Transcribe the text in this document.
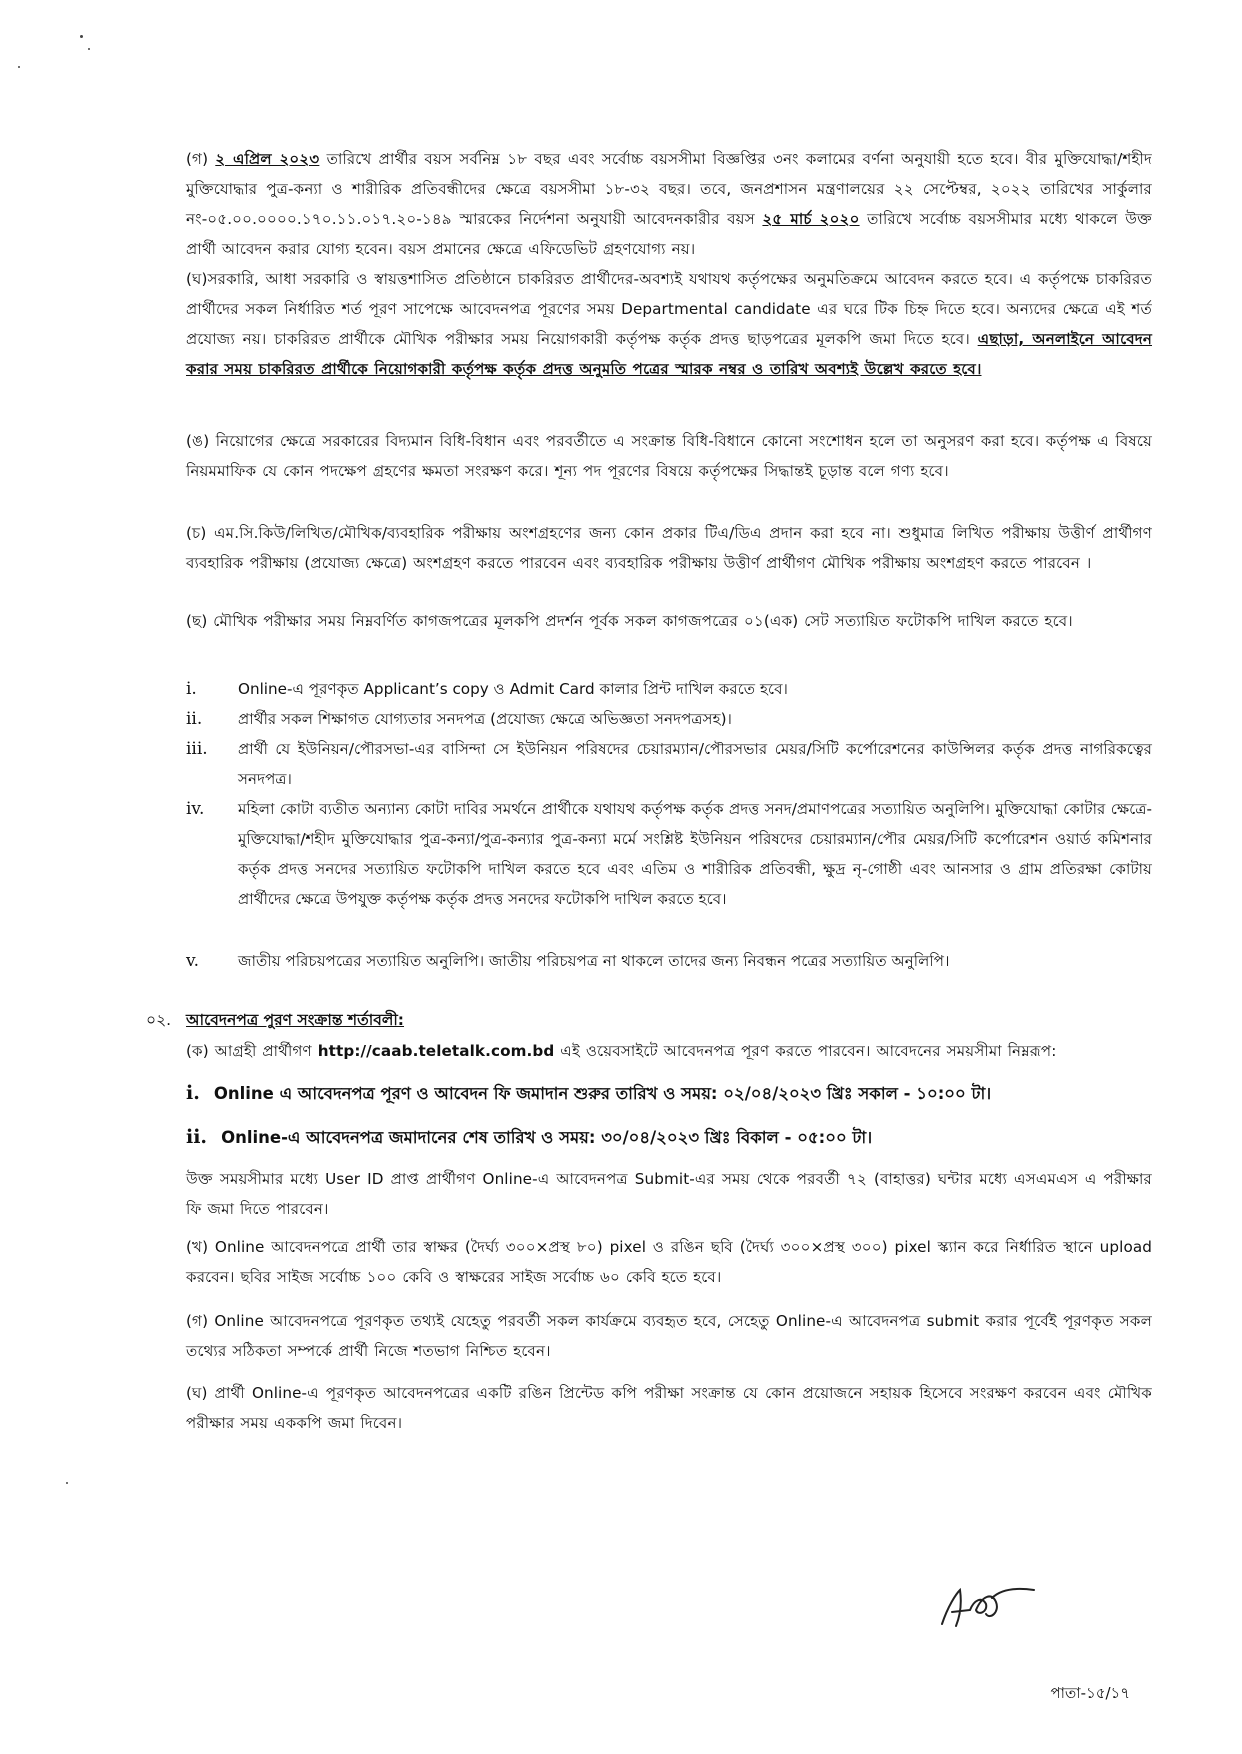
(গ) ২ এপ্রিল ২০২৩ তারিখে প্রার্থীর বয়স সর্বনিম্ন ১৮ বছর এবং সর্বোচ্চ বয়সসীমা বিজ্ঞপ্তির ৩নং কলামের বর্ণনা অনুযায়ী হতে হবে। বীর মুক্তিযোদ্ধা/শহীদ মুক্তিযোদ্ধার পুত্র-কন্যা ও শারীরিক প্রতিবন্ধীদের ক্ষেত্রে বয়সসীমা ১৮-৩২ বছর। তবে, জনপ্রশাসন মন্ত্রণালয়ের ২২ সেপ্টেম্বর, ২০২২ তারিখের সার্কুলার নং-০৫.০০.০০০০.১৭০.১১.০১৭.২০-১৪৯ স্মারকের নির্দেশনা অনুযায়ী আবেদনকারীর বয়স ২৫ মার্চ ২০২০ তারিখে সর্বোচ্চ বয়সসীমার মধ্যে থাকলে উক্ত প্রার্থী আবেদন করার যোগ্য হবেন। বয়স প্রমানের ক্ষেত্রে এফিডেভিট গ্রহণযোগ্য নয়।
(ঘ)সরকারি, আধা সরকারি ও স্বায়ত্তশাসিত প্রতিষ্ঠানে চাকরিরত প্রার্থীদের-অবশ্যই যথাযথ কর্তৃপক্ষের অনুমতিক্রমে আবেদন করতে হবে। এ কর্তৃপক্ষে চাকরিরত প্রার্থীদের সকল নির্ধারিত শর্ত পূরণ সাপেক্ষে আবেদনপত্র পূরণের সময় Departmental candidate এর ঘরে টিক চিহ্ন দিতে হবে। অন্যদের ক্ষেত্রে এই শর্ত প্রযোজ্য নয়। চাকরিরত প্রার্থীকে মৌখিক পরীক্ষার সময় নিয়োগকারী কর্তৃপক্ষ কর্তৃক প্রদত্ত ছাড়পত্রের মূলকপি জমা দিতে হবে। এছাড়া, অনলাইনে আবেদন করার সময় চাকরিরত প্রার্থীকে নিয়োগকারী কর্তৃপক্ষ কর্তৃক প্রদত্ত অনুমতি পত্রের স্মারক নম্বর ও তারিখ অবশ্যই উল্লেখ করতে হবে।
(ঙ) নিয়োগের ক্ষেত্রে সরকারের বিদ্যমান বিধি-বিধান এবং পরবর্তীতে এ সংক্রান্ত বিধি-বিধানে কোনো সংশোধন হলে তা অনুসরণ করা হবে। কর্তৃপক্ষ এ বিষয়ে নিয়মমাফিক যে কোন পদক্ষেপ গ্রহণের ক্ষমতা সংরক্ষণ করে। শূন্য পদ পূরণের বিষয়ে কর্তৃপক্ষের সিদ্ধান্তই চূড়ান্ত বলে গণ্য হবে।
(চ) এম.সি.কিউ/লিখিত/মৌখিক/ব্যবহারিক পরীক্ষায় অংশগ্রহণের জন্য কোন প্রকার টিএ/ডিএ প্রদান করা হবে না। শুধুমাত্র লিখিত পরীক্ষায় উত্তীর্ণ প্রার্থীগণ ব্যবহারিক পরীক্ষায় (প্রযোজ্য ক্ষেত্রে) অংশগ্রহণ করতে পারবেন এবং ব্যবহারিক পরীক্ষায় উত্তীর্ণ প্রার্থীগণ মৌখিক পরীক্ষায় অংশগ্রহণ করতে পারবেন ।
(ছ) মৌখিক পরীক্ষার সময় নিম্নবর্ণিত কাগজপত্রের মূলকপি প্রদর্শন পূর্বক সকল কাগজপত্রের ০১(এক) সেট সত্যায়িত ফটোকপি দাখিল করতে হবে।
i.	Online-এ পূরণকৃত Applicant’s copy ও Admit Card কালার প্রিন্ট দাখিল করতে হবে।
ii.	প্রার্থীর সকল শিক্ষাগত যোগ্যতার সনদপত্র (প্রযোজ্য ক্ষেত্রে অভিজ্ঞতা সনদপত্রসহ)।
iii.	প্রার্থী যে ইউনিয়ন/পৌরসভা-এর বাসিন্দা সে ইউনিয়ন পরিষদের চেয়ারম্যান/পৌরসভার মেয়র/সিটি কর্পোরেশনের কাউন্সিলর কর্তৃক প্রদত্ত নাগরিকত্বের সনদপত্র।
iv.	মহিলা কোটা ব্যতীত অন্যান্য কোটা দাবির সমর্থনে প্রার্থীকে যথাযথ কর্তৃপক্ষ কর্তৃক প্রদত্ত সনদ/প্রমাণপত্রের সত্যায়িত অনুলিপি। মুক্তিযোদ্ধা কোটার ক্ষেত্রে- মুক্তিযোদ্ধা/শহীদ মুক্তিযোদ্ধার পুত্র-কন্যা/পুত্র-কন্যার পুত্র-কন্যা মর্মে সংশ্লিষ্ট ইউনিয়ন পরিষদের চেয়ারম্যান/পৌর মেয়র/সিটি কর্পোরেশন ওয়ার্ড কমিশনার কর্তৃক প্রদত্ত সনদের সত্যায়িত ফটোকপি দাখিল করতে হবে এবং এতিম ও শারীরিক প্রতিবন্ধী, ক্ষুদ্র নৃ-গোষ্ঠী এবং আনসার ও গ্রাম প্রতিরক্ষা কোটায় প্রার্থীদের ক্ষেত্রে উপযুক্ত কর্তৃপক্ষ কর্তৃক প্রদত্ত সনদের ফটোকপি দাখিল করতে হবে।
v.	জাতীয় পরিচয়পত্রের সত্যায়িত অনুলিপি। জাতীয় পরিচয়পত্র না থাকলে তাদের জন্য নিবন্ধন পত্রের সত্যায়িত অনুলিপি।
০২. আবেদনপত্র পুরণ সংক্রান্ত শর্তাবলী:
(ক) আগ্রহী প্রার্থীগণ http://caab.teletalk.com.bd এই ওয়েবসাইটে আবেদনপত্র পূরণ করতে পারবেন। আবেদনের সময়সীমা নিম্নরূপ:
i. Online এ আবেদনপত্র পূরণ ও আবেদন ফি জমাদান শুরুর তারিখ ও সময়: ০২/০৪/২০২৩ খ্রিঃ সকাল - ১০:০০ টা।
ii. Online-এ আবেদনপত্র জমাদানের শেষ তারিখ ও সময়: ৩০/০৪/২০২৩ খ্রিঃ বিকাল - ০৫:০০ টা।
উক্ত সময়সীমার মধ্যে User ID প্রাপ্ত প্রার্থীগণ Online-এ আবেদনপত্র Submit-এর সময় থেকে পরবর্তী ৭২ (বাহাত্তর) ঘন্টার মধ্যে এসএমএস এ পরীক্ষার ফি জমা দিতে পারবেন।
(খ) Online আবেদনপত্রে প্রার্থী তার স্বাক্ষর (দৈর্ঘ্য ৩০০×প্রস্থ ৮০) pixel ও রঙিন ছবি (দৈর্ঘ্য ৩০০×প্রস্থ ৩০০) pixel স্ক্যান করে নির্ধারিত স্থানে upload করবেন। ছবির সাইজ সর্বোচ্চ ১০০ কেবি ও স্বাক্ষরের সাইজ সর্বোচ্চ ৬০ কেবি হতে হবে।
(গ) Online আবেদনপত্রে পূরণকৃত তথ্যই যেহেতু পরবর্তী সকল কার্যক্রমে ব্যবহৃত হবে, সেহেতু Online-এ আবেদনপত্র submit করার পূর্বেই পূরণকৃত সকল তথ্যের সঠিকতা সম্পর্কে প্রার্থী নিজে শতভাগ নিশ্চিত হবেন।
(ঘ) প্রার্থী Online-এ পূরণকৃত আবেদনপত্রের একটি রঙিন প্রিন্টেড কপি পরীক্ষা সংক্রান্ত যে কোন প্রয়োজনে সহায়ক হিসেবে সংরক্ষণ করবেন এবং মৌখিক পরীক্ষার সময় এককপি জমা দিবেন।
পাতা-১৫/১৭
